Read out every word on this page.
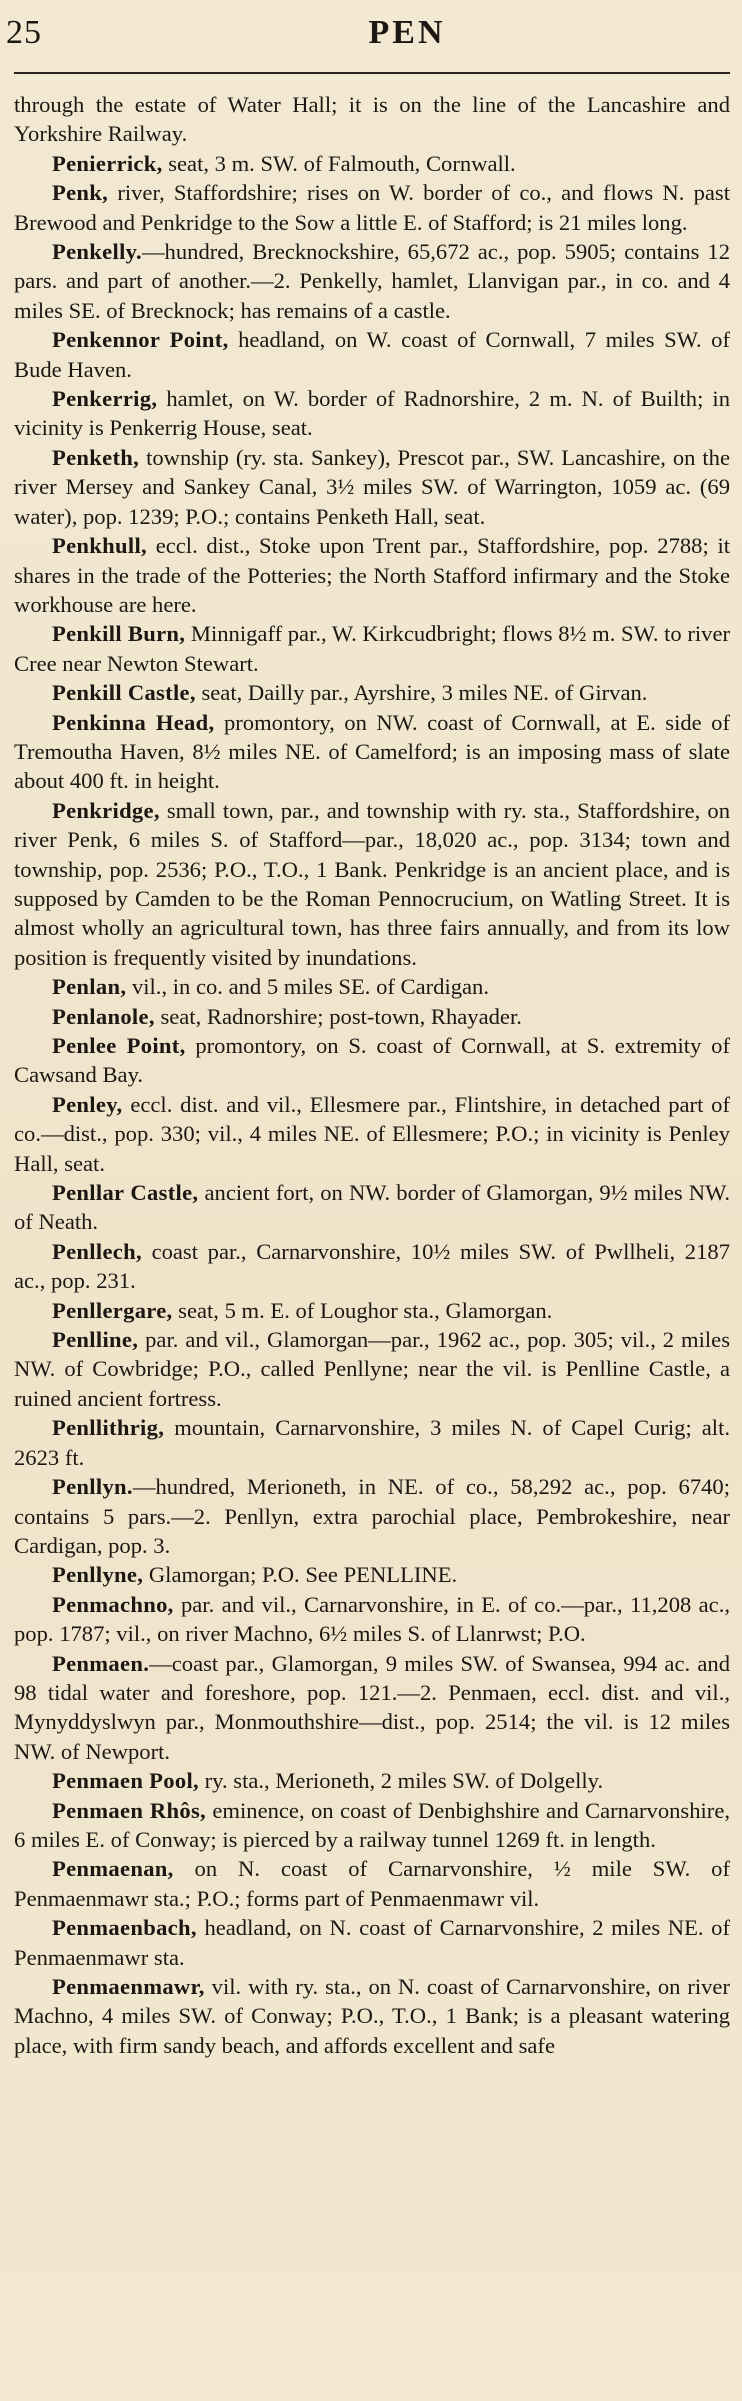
25	PEN

through the estate of Water Hall; it is on the line of the Lancashire and Yorkshire Railway.

Penierrick, seat, 3 m. SW. of Falmouth, Cornwall.

Penk, river, Staffordshire; rises on W. border of co., and flows N. past Brewood and Penkridge to the Sow a little E. of Stafford; is 21 miles long.

Penkelly.—hundred, Brecknockshire, 65,672 ac., pop. 5905; contains 12 pars. and part of another.—2. Penkelly, hamlet, Llanvigan par., in co. and 4 miles SE. of Brecknock; has remains of a castle.

Penkennor Point, headland, on W. coast of Cornwall, 7 miles SW. of Bude Haven.

Penkerrig, hamlet, on W. border of Radnorshire, 2 m. N. of Builth; in vicinity is Penkerrig House, seat.

Penketh, township (ry. sta. Sankey), Prescot par., SW. Lancashire, on the river Mersey and Sankey Canal, 3½ miles SW. of Warrington, 1059 ac. (69 water), pop. 1239; P.O.; contains Penketh Hall, seat.

Penkhull, eccl. dist., Stoke upon Trent par., Staffordshire, pop. 2788; it shares in the trade of the Potteries; the North Stafford infirmary and the Stoke workhouse are here.

Penkill Burn, Minnigaff par., W. Kirkcudbright; flows 8½ m. SW. to river Cree near Newton Stewart.

Penkill Castle, seat, Dailly par., Ayrshire, 3 miles NE. of Girvan.

Penkinna Head, promontory, on NW. coast of Cornwall, at E. side of Tremoutha Haven, 8½ miles NE. of Camelford; is an imposing mass of slate about 400 ft. in height.

Penkridge, small town, par., and township with ry. sta., Staffordshire, on river Penk, 6 miles S. of Stafford—par., 18,020 ac., pop. 3134; town and township, pop. 2536; P.O., T.O., 1 Bank. Penkridge is an ancient place, and is supposed by Camden to be the Roman Pennocrucium, on Watling Street. It is almost wholly an agricultural town, has three fairs annually, and from its low position is frequently visited by inundations.

Penlan, vil., in co. and 5 miles SE. of Cardigan.

Penlanole, seat, Radnorshire; post-town, Rhayader.

Penlee Point, promontory, on S. coast of Cornwall, at S. extremity of Cawsand Bay.

Penley, eccl. dist. and vil., Ellesmere par., Flintshire, in detached part of co.—dist., pop. 330; vil., 4 miles NE. of Ellesmere; P.O.; in vicinity is Penley Hall, seat.

Penllar Castle, ancient fort, on NW. border of Glamorgan, 9½ miles NW. of Neath.

Penllech, coast par., Carnarvonshire, 10½ miles SW. of Pwllheli, 2187 ac., pop. 231.

Penllergare, seat, 5 m. E. of Loughor sta., Glamorgan.

Penlline, par. and vil., Glamorgan—par., 1962 ac., pop. 305; vil., 2 miles NW. of Cowbridge; P.O., called Penllyne; near the vil. is Penlline Castle, a ruined ancient fortress.

Penllithrig, mountain, Carnarvonshire, 3 miles N. of Capel Curig; alt. 2623 ft.

Penllyn.—hundred, Merioneth, in NE. of co., 58,292 ac., pop. 6740; contains 5 pars.—2. Penllyn, extra parochial place, Pembrokeshire, near Cardigan, pop. 3.

Penllyne, Glamorgan; P.O. See PENLLINE.

Penmachno, par. and vil., Carnarvonshire, in E. of co.—par., 11,208 ac., pop. 1787; vil., on river Machno, 6½ miles S. of Llanrwst; P.O.

Penmaen.—coast par., Glamorgan, 9 miles SW. of Swansea, 994 ac. and 98 tidal water and foreshore, pop. 121.—2. Penmaen, eccl. dist. and vil., Mynyddyslwyn par., Monmouthshire—dist., pop. 2514; the vil. is 12 miles NW. of Newport.

Penmaen Pool, ry. sta., Merioneth, 2 miles SW. of Dolgelly.

Penmaen Rhôs, eminence, on coast of Denbighshire and Carnarvonshire, 6 miles E. of Conway; is pierced by a railway tunnel 1269 ft. in length.

Penmaenan, on N. coast of Carnarvonshire, ½ mile SW. of Penmaenmawr sta.; P.O.; forms part of Penmaenmawr vil.

Penmaenbach, headland, on N. coast of Carnarvonshire, 2 miles NE. of Penmaenmawr sta.

Penmaenmawr, vil. with ry. sta., on N. coast of Carnarvonshire, on river Machno, 4 miles SW. of Conway; P.O., T.O., 1 Bank; is a pleasant watering place, with firm sandy beach, and affords excellent and safe
